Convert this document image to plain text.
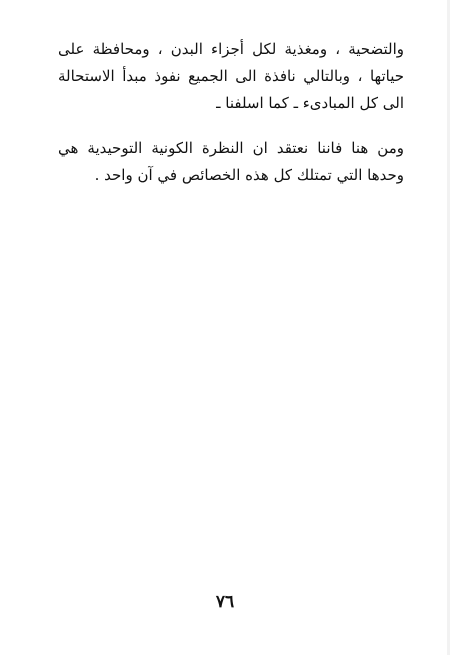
والتضحية ، ومغذية لكل أجزاء البدن ، ومحافظة على
حياتها ، وبالتالي نافذة الى الجميع نفوذ مبدأ الاستحالة
الى كل المبادىء ـ كما اسلفنا ـ
ومن هنا فاننا نعتقد ان النظرة الكونية التوحيدية هي
وحدها التي تمتلك كل هذه الخصائص في آن واحد .
٧٦
